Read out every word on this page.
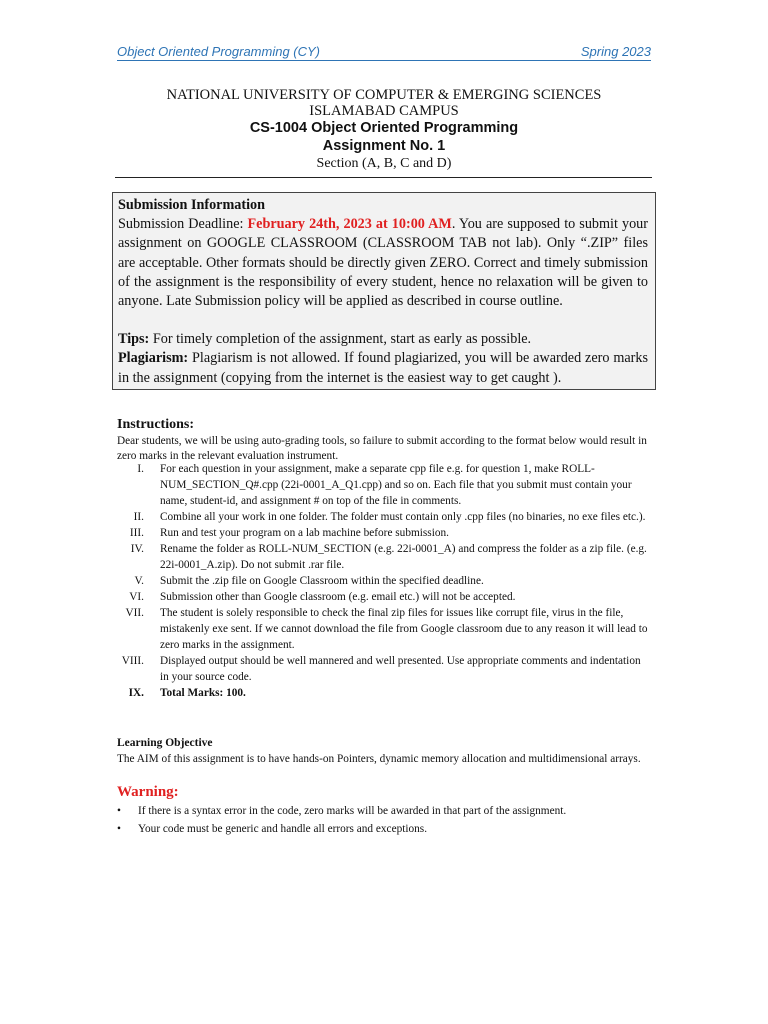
Object Oriented Programming (CY)	Spring 2023
NATIONAL UNIVERSITY OF COMPUTER & EMERGING SCIENCES
ISLAMABAD CAMPUS
CS-1004 Object Oriented Programming
Assignment No. 1
Section (A, B, C and D)

Submission Information

Submission Deadline: February 24th, 2023 at 10:00 AM. You are supposed to submit your assignment on GOOGLE CLASSROOM (CLASSROOM TAB not lab). Only “.ZIP” files are acceptable. Other formats should be directly given ZERO. Correct and timely submission of the assignment is the responsibility of every student, hence no relaxation will be given to anyone. Late Submission policy will be applied as described in course outline.

Tips: For timely completion of the assignment, start as early as possible.

Plagiarism: Plagiarism is not allowed. If found plagiarized, you will be awarded zero marks in the assignment (copying from the internet is the easiest way to get caught ).

Instructions:
Dear students, we will be using auto-grading tools, so failure to submit according to the format below would result in zero marks in the relevant evaluation instrument.
I.	For each question in your assignment, make a separate cpp file e.g. for question 1, make ROLL-NUM_SECTION_Q#.cpp (22i-0001_A_Q1.cpp) and so on. Each file that you submit must contain your name, student-id, and assignment # on top of the file in comments.
II.	Combine all your work in one folder. The folder must contain only .cpp files (no binaries, no exe files etc.).
III.	Run and test your program on a lab machine before submission.
IV.	Rename the folder as ROLL-NUM_SECTION (e.g. 22i-0001_A) and compress the folder as a zip file. (e.g. 22i-0001_A.zip). Do not submit .rar file.
V.	Submit the .zip file on Google Classroom within the specified deadline.
VI.	Submission other than Google classroom (e.g. email etc.) will not be accepted.
VII.	The student is solely responsible to check the final zip files for issues like corrupt file, virus in the file, mistakenly exe sent. If we cannot download the file from Google classroom due to any reason it will lead to zero marks in the assignment.
VIII.	Displayed output should be well mannered and well presented. Use appropriate comments and indentation in your source code.
IX.	Total Marks: 100.
Learning Objective
The AIM of this assignment is to have hands-on Pointers, dynamic memory allocation and multidimensional arrays.
Warning:
•	If there is a syntax error in the code, zero marks will be awarded in that part of the assignment.
•	Your code must be generic and handle all errors and exceptions.
